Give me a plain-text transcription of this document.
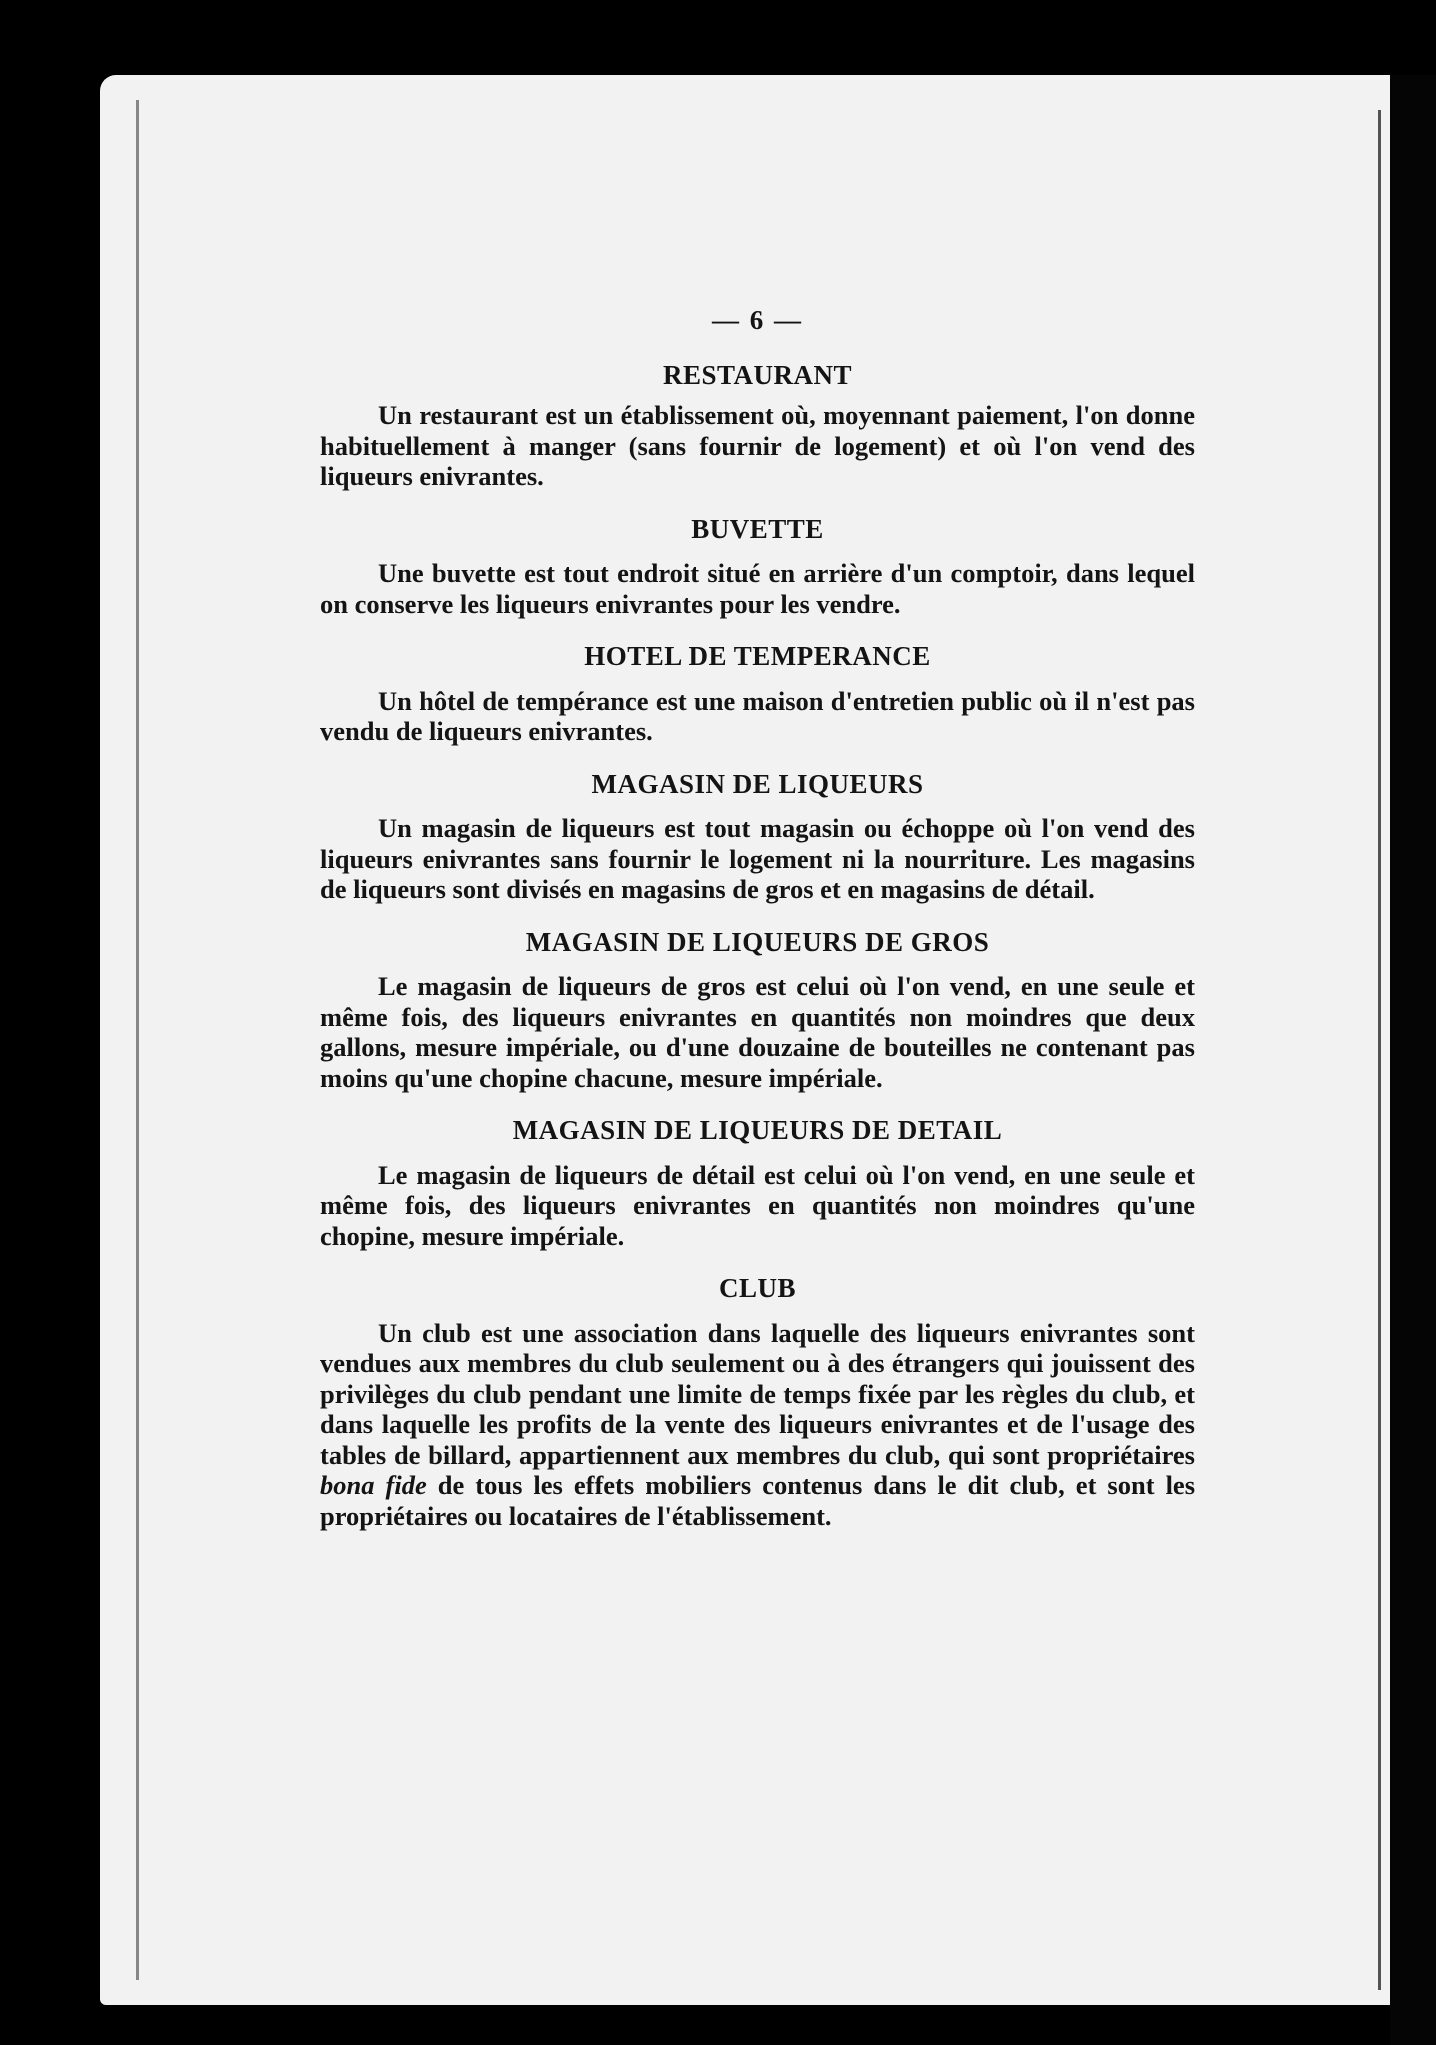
— 6 —
RESTAURANT

Un restaurant est un établissement où, moyennant paiement, l'on donne habituellement à manger (sans fournir de logement) et où l'on vend des liqueurs enivrantes.

BUVETTE

Une buvette est tout endroit situé en arrière d'un comptoir, dans lequel on conserve les liqueurs enivrantes pour les vendre.

HOTEL DE TEMPERANCE

Un hôtel de tempérance est une maison d'entretien public où il n'est pas vendu de liqueurs enivrantes.

MAGASIN DE LIQUEURS

Un magasin de liqueurs est tout magasin ou échoppe où l'on vend des liqueurs enivrantes sans fournir le logement ni la nourriture. Les magasins de liqueurs sont divisés en magasins de gros et en magasins de détail.

MAGASIN DE LIQUEURS DE GROS

Le magasin de liqueurs de gros est celui où l'on vend, en une seule et même fois, des liqueurs enivrantes en quantités non moindres que deux gallons, mesure impériale, ou d'une douzaine de bouteilles ne contenant pas moins qu'une chopine chacune, mesure impériale.

MAGASIN DE LIQUEURS DE DETAIL

Le magasin de liqueurs de détail est celui où l'on vend, en une seule et même fois, des liqueurs enivrantes en quantités non moindres qu'une chopine, mesure impériale.

CLUB

Un club est une association dans laquelle des liqueurs enivrantes sont vendues aux membres du club seulement ou à des étrangers qui jouissent des privilèges du club pendant une limite de temps fixée par les règles du club, et dans laquelle les profits de la vente des liqueurs enivrantes et de l'usage des tables de billard, appartiennent aux membres du club, qui sont propriétaires bona fide de tous les effets mobiliers contenus dans le dit club, et sont les propriétaires ou locataires de l'établissement.
